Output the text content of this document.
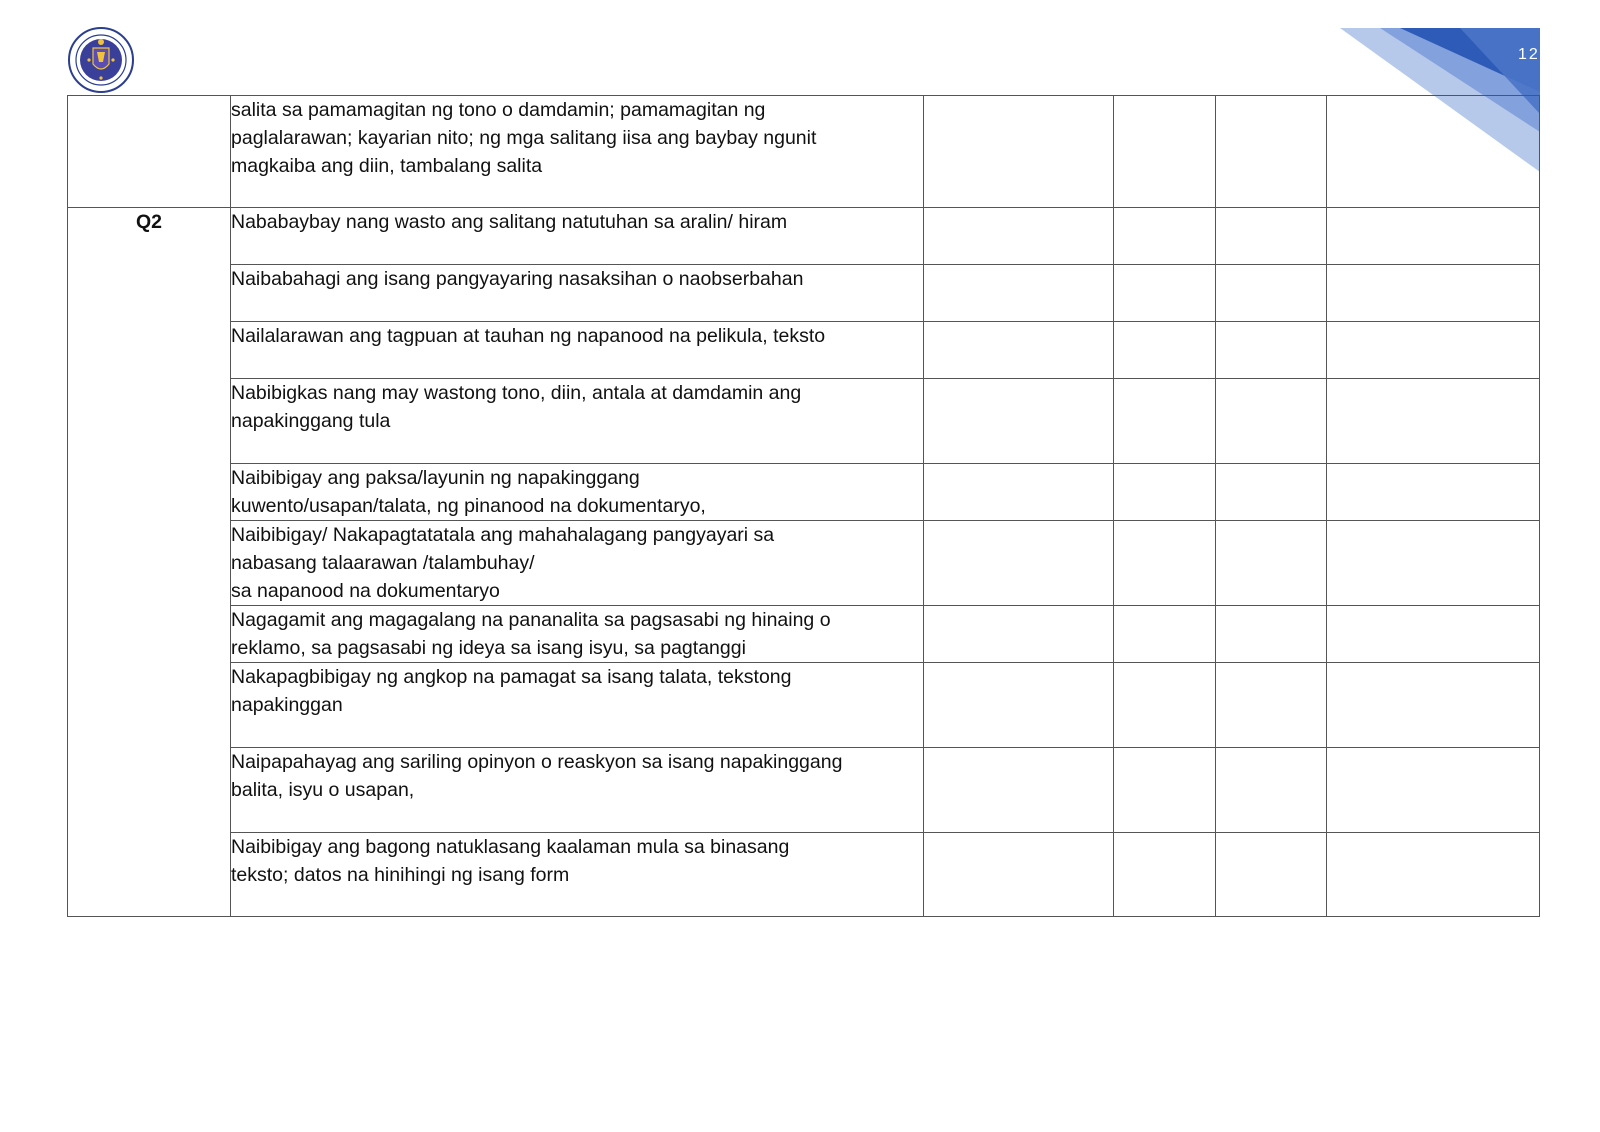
124
	salita sa pamamagitan ng tono o damdamin; pamamagitan ng
paglalarawan; kayarian nito; ng mga salitang iisa ang baybay ngunit
magkaiba ang diin, tambalang salita				
Q2	Nababaybay nang wasto ang salitang natutuhan sa aralin/ hiram				
	Naibabahagi ang isang pangyayaring nasaksihan o naobserbahan				
	Nailalarawan ang tagpuan at tauhan ng napanood na pelikula, teksto				
	Nabibigkas nang may wastong tono, diin, antala at damdamin ang
napakinggang tula				
	Naibibigay ang paksa/layunin ng napakinggang
kuwento/usapan/talata, ng pinanood na dokumentaryo,				
	Naibibigay/ Nakapagtatatala ang mahahalagang pangyayari sa
nabasang talaarawan /talambuhay/
sa napanood na dokumentaryo				
	Nagagamit ang magagalang na pananalita sa pagsasabi ng hinaing o
reklamo, sa pagsasabi ng ideya sa isang isyu, sa pagtanggi				
	Nakapagbibigay ng angkop na pamagat sa isang talata, tekstong
napakinggan				
	Naipapahayag ang sariling opinyon o reaskyon sa isang napakinggang
balita, isyu o usapan,				
	Naibibigay ang bagong natuklasang kaalaman mula sa binasang
teksto; datos na hinihingi ng isang form				
